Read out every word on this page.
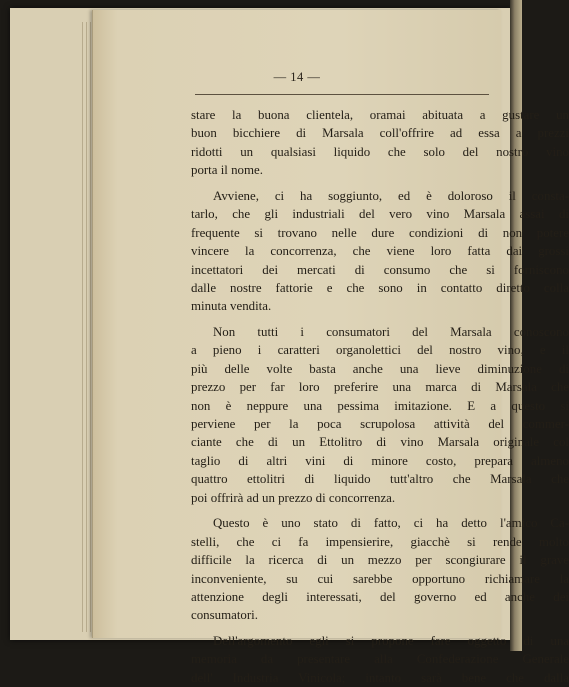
— 14 —
stare la buona clientela, oramai abituata a gustare un
buon bicchiere di Marsala coll'offrire ad essa a prezzi
ridotti un qualsiasi liquido che solo del nostro vino
porta il nome.
Avviene, ci ha soggiunto, ed è doloroso il consta-
tarlo, che gli industriali del vero vino Marsala assai di
frequente si trovano nelle dure condizioni di non potere
vincere la concorrenza, che viene loro fatta dai grossi
incettatori dei mercati di consumo che si forniscono
dalle nostre fattorie e che sono in contatto diretto colla
minuta vendita.
Non tutti i consumatori del Marsala conoscono
a pieno i caratteri organolettici del nostro vino, e il
più delle volte basta anche una lieve diminuzione di
prezzo per far loro preferire una marca di Marsala che
non è neppure una pessima imitazione. E a questo si
perviene per la poca scrupolosa attività del commer-
ciante che di un Ettolitro di vino Marsala originale col
taglio di altri vini di minore costo, prepara almeno
quattro ettolitri di liquido tutt'altro che Marsala che
poi offrirà ad un prezzo di concorrenza.
Questo è uno stato di fatto, ci ha detto l'amico Ca-
stelli, che ci fa impensierire, giacchè si rende molto
difficile la ricerca di un mezzo per scongiurare il grave
inconveniente, su cui sarebbe opportuno richiamare la
attenzione degli interessati, del governo ed anche dei
consumatori.
Dell'argomento egli si propone fare oggetto di una
memoria da presentare alla Confederazione Generale
dell' Industria Vinicola; intanto sarà bene che dalla
